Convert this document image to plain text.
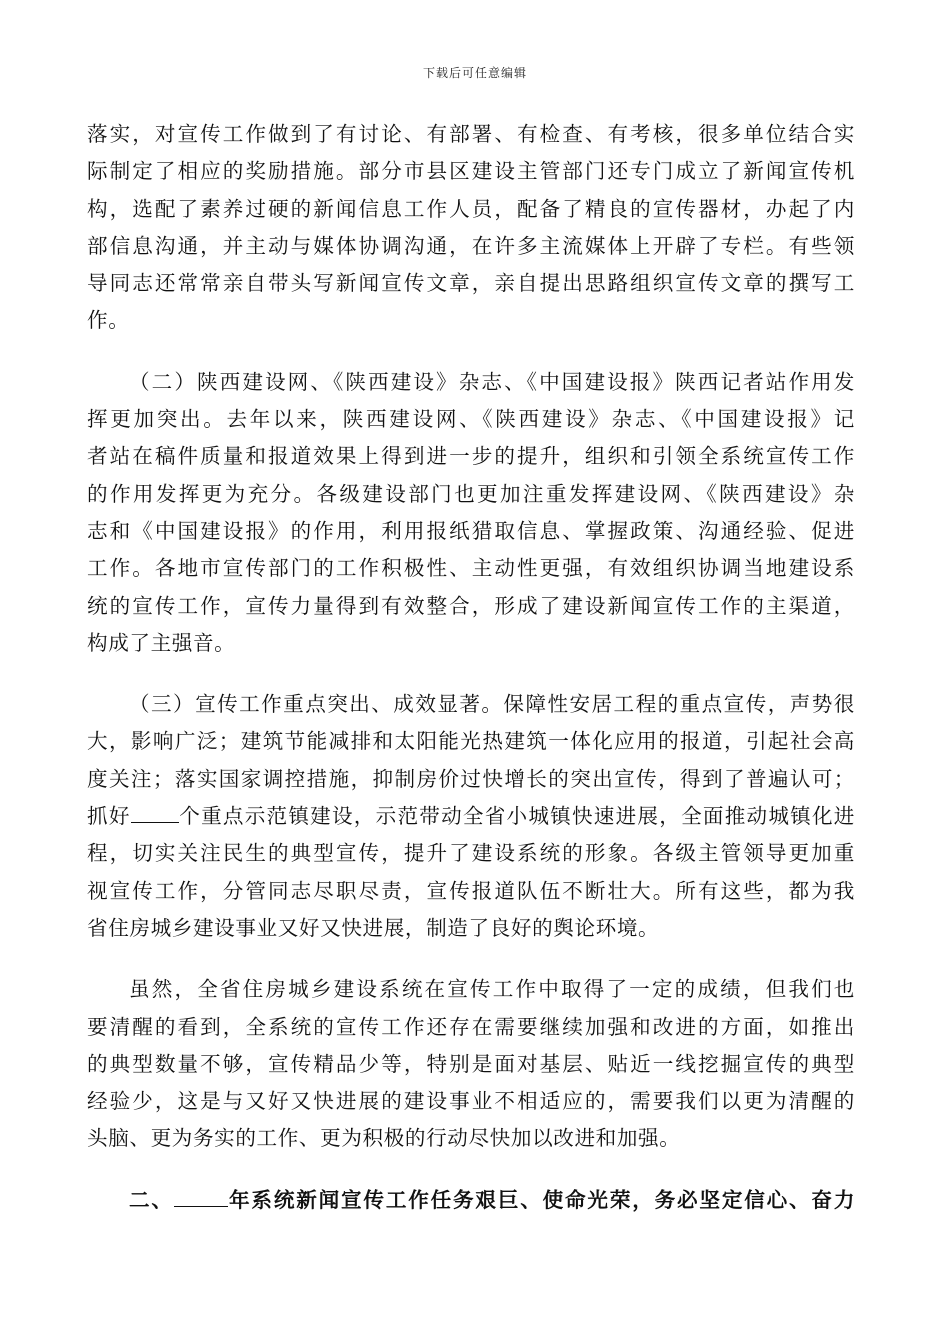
下载后可任意编辑
落实，对宣传工作做到了有讨论、有部署、有检查、有考核，很多单位结合实
际制定了相应的奖励措施。部分市县区建设主管部门还专门成立了新闻宣传机
构，选配了素养过硬的新闻信息工作人员，配备了精良的宣传器材，办起了内
部信息沟通，并主动与媒体协调沟通，在许多主流媒体上开辟了专栏。有些领
导同志还常常亲自带头写新闻宣传文章，亲自提出思路组织宣传文章的撰写工
作。
（二）陕西建设网、《陕西建设》杂志、《中国建设报》陕西记者站作用发
挥更加突出。去年以来，陕西建设网、《陕西建设》杂志、《中国建设报》记
者站在稿件质量和报道效果上得到进一步的提升，组织和引领全系统宣传工作
的作用发挥更为充分。各级建设部门也更加注重发挥建设网、《陕西建设》杂
志和《中国建设报》的作用，利用报纸猎取信息、掌握政策、沟通经验、促进
工作。各地市宣传部门的工作积极性、主动性更强，有效组织协调当地建设系
统的宣传工作，宣传力量得到有效整合，形成了建设新闻宣传工作的主渠道，
构成了主强音。
（三）宣传工作重点突出、成效显著。保障性安居工程的重点宣传，声势很
大，影响广泛；建筑节能减排和太阳能光热建筑一体化应用的报道，引起社会高
度关注；落实国家调控措施，抑制房价过快增长的突出宣传，得到了普遍认可；
抓好 个重点示范镇建设，示范带动全省小城镇快速进展，全面推动城镇化进
程，切实关注民生的典型宣传，提升了建设系统的形象。各级主管领导更加重
视宣传工作，分管同志尽职尽责，宣传报道队伍不断壮大。所有这些，都为我
省住房城乡建设事业又好又快进展，制造了良好的舆论环境。
虽然，全省住房城乡建设系统在宣传工作中取得了一定的成绩，但我们也
要清醒的看到，全系统的宣传工作还存在需要继续加强和改进的方面，如推出
的典型数量不够，宣传精品少等，特别是面对基层、贴近一线挖掘宣传的典型
经验少，这是与又好又快进展的建设事业不相适应的，需要我们以更为清醒的
头脑、更为务实的工作、更为积极的行动尽快加以改进和加强。
二、	年系统新闻宣传工作任务艰巨、使命光荣，务必坚定信心、奋力
